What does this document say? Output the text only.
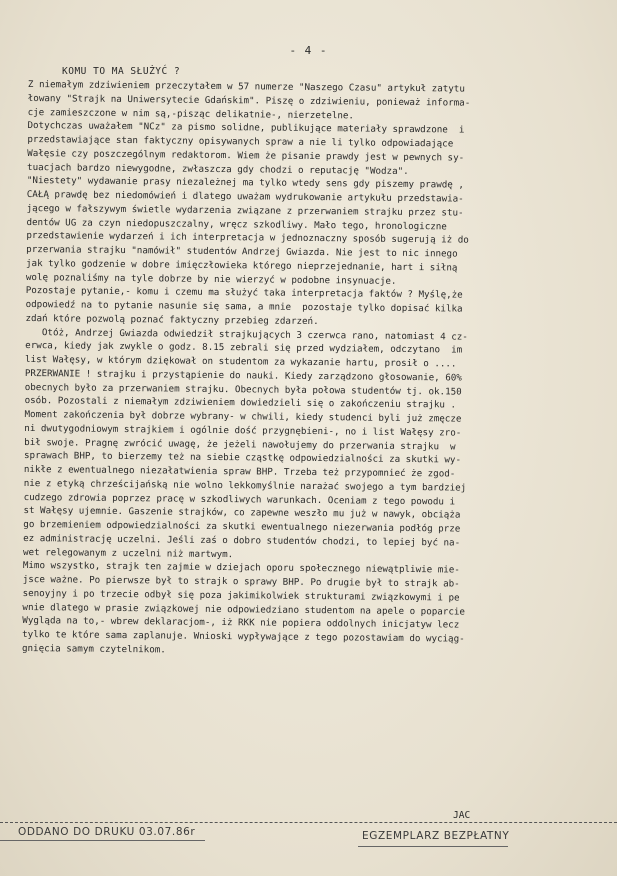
- 4 -
KOMU TO MA SŁUŻYĆ ?
Z niemałym zdziwieniem przeczytałem w 57 numerze "Naszego Czasu" artykuł zatytu
łowany "Strajk na Uniwersytecie Gdańskim". Piszę o zdziwieniu, ponieważ informa-
cje zamieszczone w nim są,-pisząc delikatnie-, nierzetelne.
Dotychczas uważałem "NCz" za pismo solidne, publikujące materiały sprawdzone  i
przedstawiające stan faktyczny opisywanych spraw a nie li tylko odpowiadające
Wałęsie czy poszczególnym redaktorom. Wiem że pisanie prawdy jest w pewnych sy-
tuacjach bardzo niewygodne, zwłaszcza gdy chodzi o reputację "Wodza".
"Niestety" wydawanie prasy niezależnej ma tylko wtedy sens gdy piszemy prawdę ,
CAŁĄ prawdę bez niedomówień i dlatego uważam wydrukowanie artykułu przedstawia-
jącego w fałszywym świetle wydarzenia związane z przerwaniem strajku przez stu-
dentów UG za czyn niedopuszczalny, wręcz szkodliwy. Mało tego, hronologiczne
przedstawienie wydarzeń i ich interpretacja w jednoznaczny sposób sugerują iż do
przerwania strajku "namówił" studentów Andrzej Gwiazda. Nie jest to nic innego
jak tylko godzenie w dobre imięczłowieka którego nieprzejednanie, hart i siłną
wolę poznaliśmy na tyle dobrze by nie wierzyć w podobne insynuacje.
Pozostaje pytanie,- komu i czemu ma służyć taka interpretacja faktów ? Myślę,że
odpowiedź na to pytanie nasunie się sama, a mnie  pozostaje tylko dopisać kilka
zdań które pozwolą poznać faktyczny przebieg zdarzeń.
Otóż, Andrzej Gwiazda odwiedził strajkujących 3 czerwca rano, natomiast 4 cz-
erwca, kiedy jak zwykle o godz. 8.15 zebrali się przed wydziałem, odczytano  im
list Wałęsy, w którym dziękował on studentom za wykazanie hartu, prosił o ....
PRZERWANIE ! strajku i przystąpienie do nauki. Kiedy zarządzono głosowanie, 60%
obecnych było za przerwaniem strajku. Obecnych była połowa studentów tj. ok.150
osób. Pozostali z niemałym zdziwieniem dowiedzieli się o zakończeniu strajku .
Moment zakończenia był dobrze wybrany- w chwili, kiedy studenci byli już zmęcze
ni dwutygodniowym strajkiem i ogólnie dość przygnębieni-, no i list Wałęsy zro-
bił swoje. Pragnę zwrócić uwagę, że jeżeli nawołujemy do przerwania strajku  w
sprawach BHP, to bierzemy też na siebie cząstkę odpowiedzialności za skutki wy-
nikłe z ewentualnego niezałatwienia spraw BHP. Trzeba też przypomnieć że zgod-
nie z etyką chrześcijańską nie wolno lekkomyślnie narażać swojego a tym bardziej
cudzego zdrowia poprzez pracę w szkodliwych warunkach. Oceniam z tego powodu i
st Wałęsy ujemnie. Gaszenie strajków, co zapewne weszło mu już w nawyk, obciąża
go brzemieniem odpowiedzialności za skutki ewentualnego niezerwania podłóg prze
ez administrację uczelni. Jeśli zaś o dobro studentów chodzi, to lepiej być na-
wet relegowanym z uczelni niż martwym.
Mimo wszystko, strajk ten zajmie w dziejach oporu społecznego niewątpliwie mie-
jsce ważne. Po pierwsze był to strajk o sprawy BHP. Po drugie był to strajk ab-
senoyjny i po trzecie odbył się poza jakimikolwiek strukturami związkowymi i pe
wnie dlatego w prasie związkowej nie odpowiedziano studentom na apele o poparcie
Wygląda na to,- wbrew deklaracjom-, iż RKK nie popiera oddolnych inicjatyw lecz
tylko te które sama zaplanuje. Wnioski wypływające z tego pozostawiam do wyciąg-
gnięcia samym czytelnikom.
JAC
ODDANO DO DRUKU 03.07.86r	EGZEMPLARZ BEZPŁATNY
